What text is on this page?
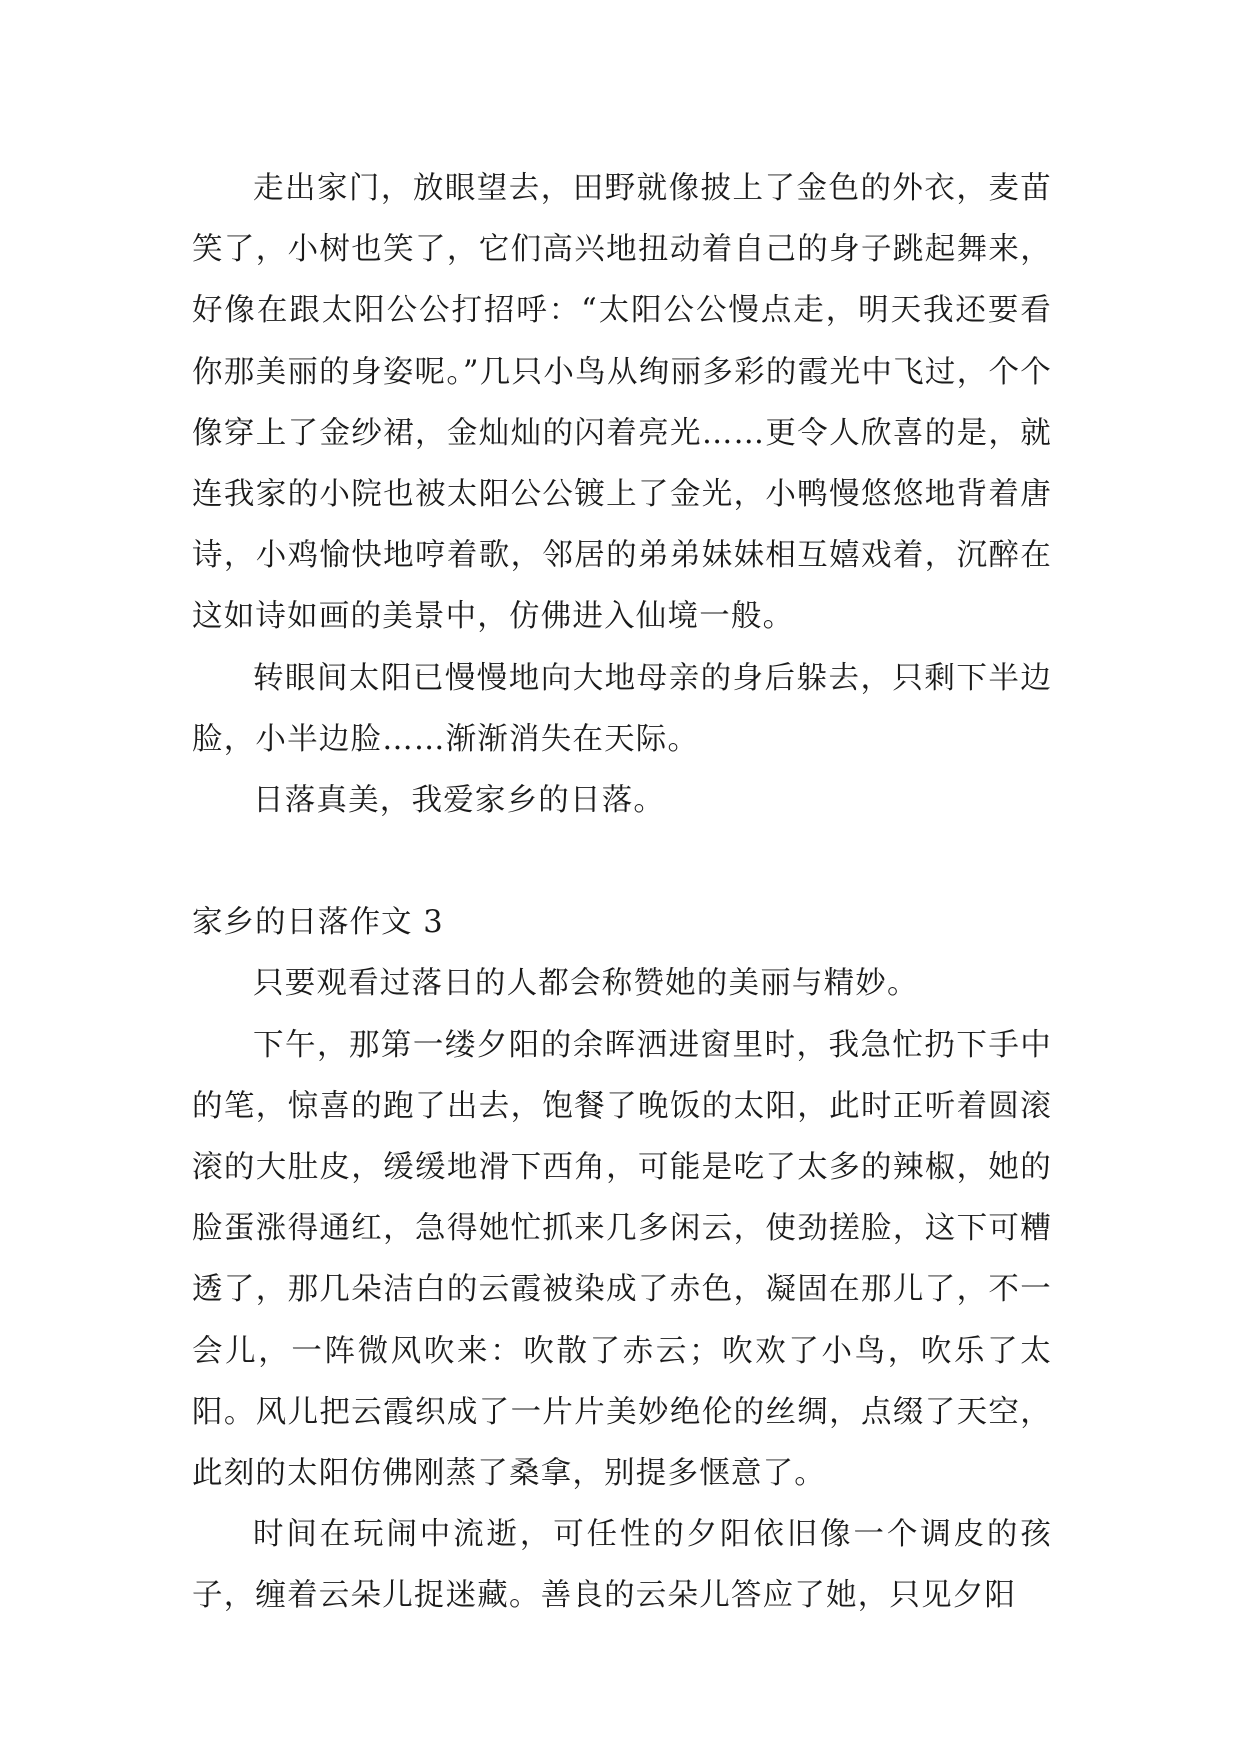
走出家门，放眼望去，田野就像披上了金色的外衣，麦苗笑了，小树也笑了，它们高兴地扭动着自己的身子跳起舞来，好像在跟太阳公公打招呼：“太阳公公慢点走，明天我还要看你那美丽的身姿呢。”几只小鸟从绚丽多彩的霞光中飞过，个个像穿上了金纱裙，金灿灿的闪着亮光……更令人欣喜的是，就连我家的小院也被太阳公公镀上了金光，小鸭慢悠悠地背着唐诗，小鸡愉快地哼着歌，邻居的弟弟妹妹相互嬉戏着，沉醉在这如诗如画的美景中，仿佛进入仙境一般。

转眼间太阳已慢慢地向大地母亲的身后躲去，只剩下半边脸，小半边脸……渐渐消失在天际。

日落真美，我爱家乡的日落。

家乡的日落作文 3

只要观看过落日的人都会称赞她的美丽与精妙。

下午，那第一缕夕阳的余晖洒进窗里时，我急忙扔下手中的笔，惊喜的跑了出去，饱餐了晚饭的太阳，此时正听着圆滚滚的大肚皮，缓缓地滑下西角，可能是吃了太多的辣椒，她的脸蛋涨得通红，急得她忙抓来几多闲云，使劲搓脸，这下可糟透了，那几朵洁白的云霞被染成了赤色，凝固在那儿了，不一会儿，一阵微风吹来：吹散了赤云；吹欢了小鸟，吹乐了太阳。风儿把云霞织成了一片片美妙绝伦的丝绸，点缀了天空，此刻的太阳仿佛刚蒸了桑拿，别提多惬意了。

时间在玩闹中流逝，可任性的夕阳依旧像一个调皮的孩子，缠着云朵儿捉迷藏。善良的云朵儿答应了她，只见夕阳
